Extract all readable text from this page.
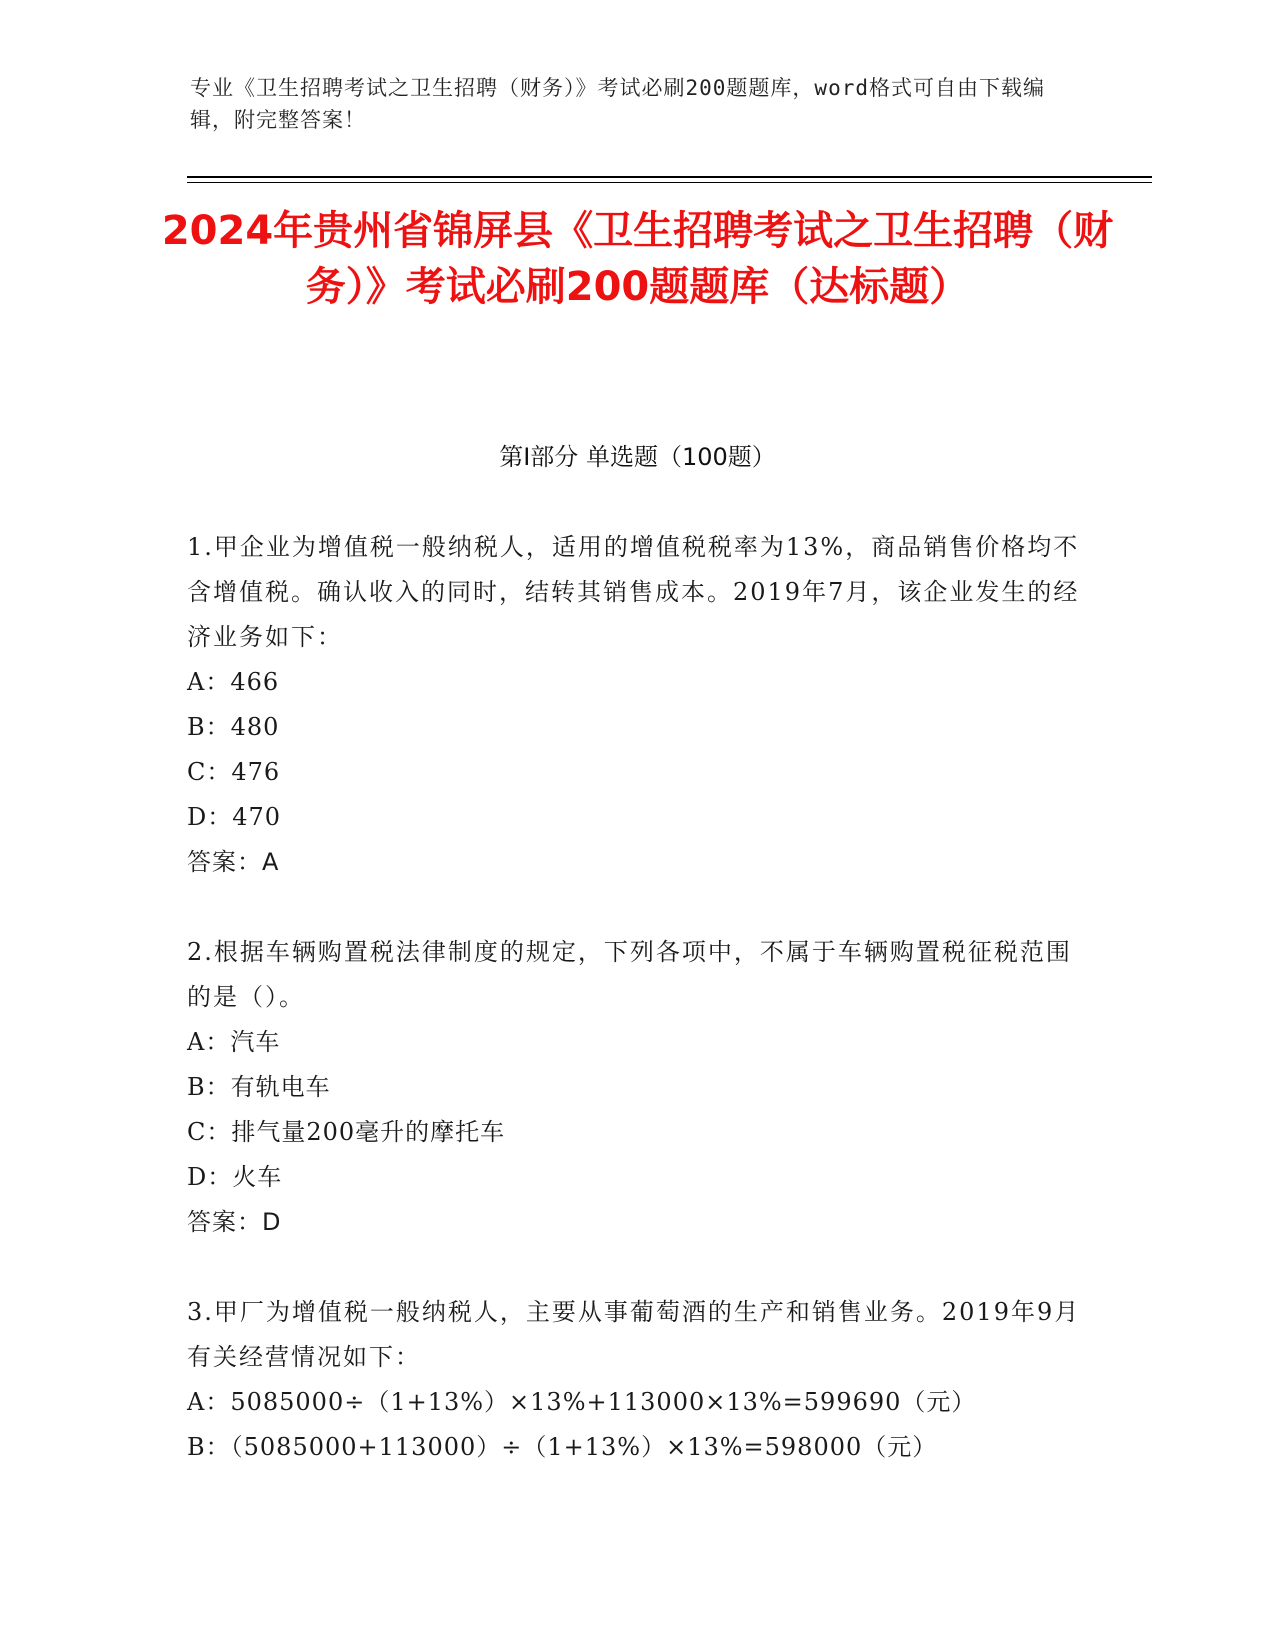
专业《卫生招聘考试之卫生招聘（财务）》考试必刷200题题库，word格式可自由下载编辑，附完整答案！
2024年贵州省锦屏县《卫生招聘考试之卫生招聘（财务）》考试必刷200题题库（达标题）
第I部分 单选题（100题）
1.甲企业为增值税一般纳税人，适用的增值税税率为13%，商品销售价格均不含增值税。确认收入的同时，结转其销售成本。2019年7月，该企业发生的经济业务如下：
A：466
B：480
C：476
D：470
答案：A
2.根据车辆购置税法律制度的规定，下列各项中，不属于车辆购置税征税范围的是（）。
A：汽车
B：有轨电车
C：排气量200毫升的摩托车
D：火车
答案：D
3.甲厂为增值税一般纳税人，主要从事葡萄酒的生产和销售业务。2019年9月有关经营情况如下：
A：5085000÷（1+13%）×13%+113000×13%=599690（元）
B：（5085000+113000）÷（1+13%）×13%=598000（元）
